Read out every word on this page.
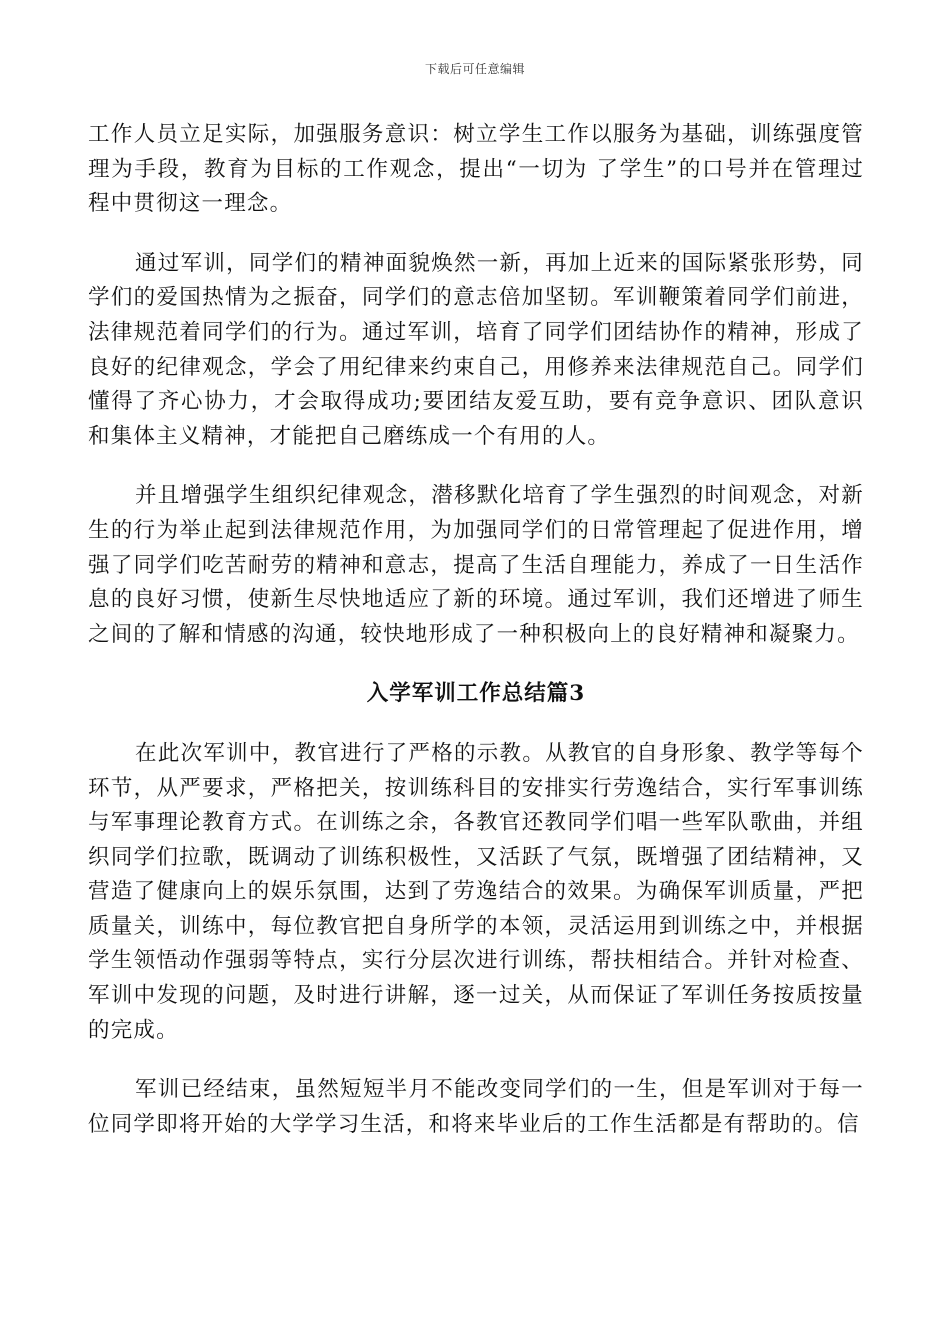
下载后可任意编辑

工作人员立足实际，加强服务意识：树立学生工作以服务为基础，训练强度管理为手段，教育为目标的工作观念，提出“一切为 了学生”的口号并在管理过程中贯彻这一理念。

通过军训，同学们的精神面貌焕然一新，再加上近来的国际紧张形势，同学们的爱国热情为之振奋，同学们的意志倍加坚韧。军训鞭策着同学们前进，法律规范着同学们的行为。通过军训，培育了同学们团结协作的精神，形成了良好的纪律观念，学会了用纪律来约束自己，用修养来法律规范自己。同学们懂得了齐心协力，才会取得成功;要团结友爱互助，要有竞争意识、团队意识和集体主义精神，才能把自己磨练成一个有用的人。

并且增强学生组织纪律观念，潜移默化培育了学生强烈的时间观念，对新生的行为举止起到法律规范作用，为加强同学们的日常管理起了促进作用，增强了同学们吃苦耐劳的精神和意志，提高了生活自理能力，养成了一日生活作息的良好习惯，使新生尽快地适应了新的环境。通过军训，我们还增进了师生之间的了解和情感的沟通，较快地形成了一种积极向上的良好精神和凝聚力。

入学军训工作总结篇3

在此次军训中，教官进行了严格的示教。从教官的自身形象、教学等每个环节，从严要求，严格把关，按训练科目的安排实行劳逸结合，实行军事训练与军事理论教育方式。在训练之余，各教官还教同学们唱一些军队歌曲，并组织同学们拉歌，既调动了训练积极性，又活跃了气氛，既增强了团结精神，又营造了健康向上的娱乐氛围，达到了劳逸结合的效果。为确保军训质量，严把质量关，训练中，每位教官把自身所学的本领，灵活运用到训练之中，并根据学生领悟动作强弱等特点，实行分层次进行训练，帮扶相结合。并针对检查、军训中发现的问题，及时进行讲解，逐一过关，从而保证了军训任务按质按量的完成。

军训已经结束，虽然短短半月不能改变同学们的一生，但是军训对于每一位同学即将开始的大学学习生活，和将来毕业后的工作生活都是有帮助的。信
